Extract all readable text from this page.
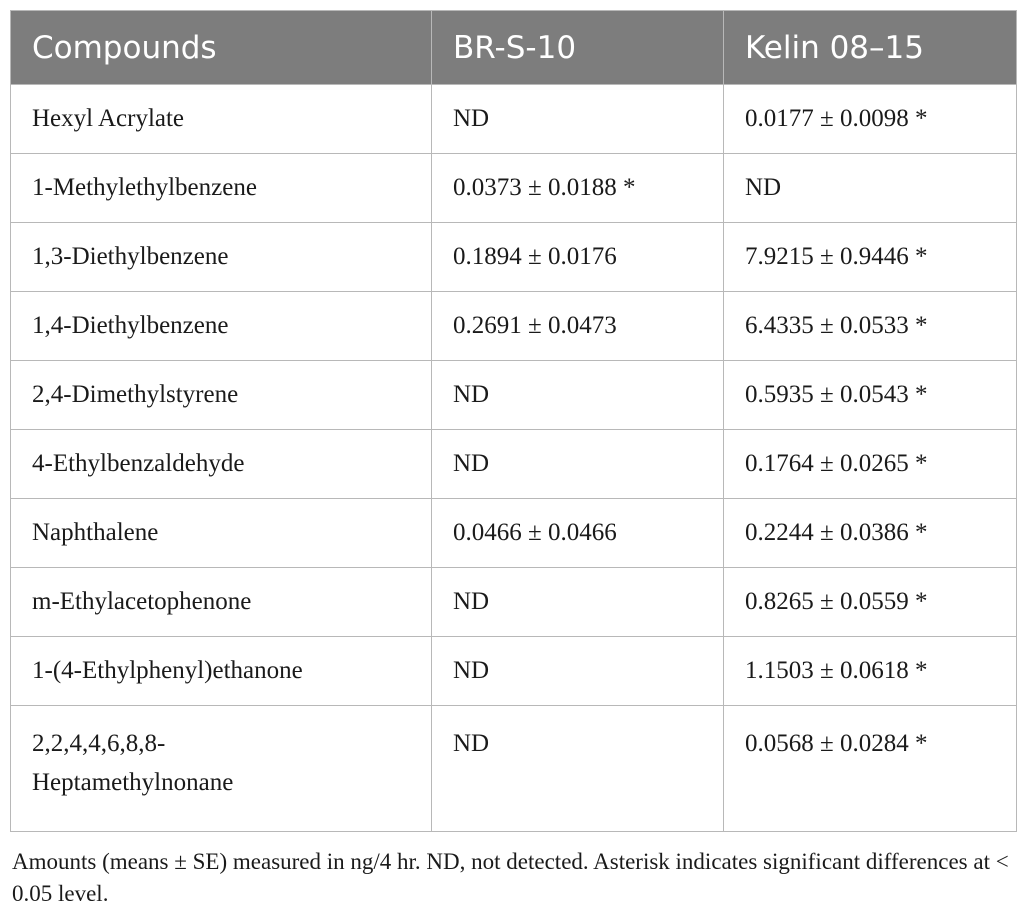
Compounds	BR-S-10	Kelin 08–15
Hexyl Acrylate	ND	0.0177 ± 0.0098 *
1-Methylethylbenzene	0.0373 ± 0.0188 *	ND
1,3-Diethylbenzene	0.1894 ± 0.0176	7.9215 ± 0.9446 *
1,4-Diethylbenzene	0.2691 ± 0.0473	6.4335 ± 0.0533 *
2,4-Dimethylstyrene	ND	0.5935 ± 0.0543 *
4-Ethylbenzaldehyde	ND	0.1764 ± 0.0265 *
Naphthalene	0.0466 ± 0.0466	0.2244 ± 0.0386 *
m-Ethylacetophenone	ND	0.8265 ± 0.0559 *
1-(4-Ethylphenyl)ethanone	ND	1.1503 ± 0.0618 *

2,2,4,4,6,8,8-
Heptamethylnonane	ND	0.0568 ± 0.0284 *
Amounts (means ± SE) measured in ng/4 hr. ND, not detected. Asterisk indicates significant differences at < 0.05 level.
